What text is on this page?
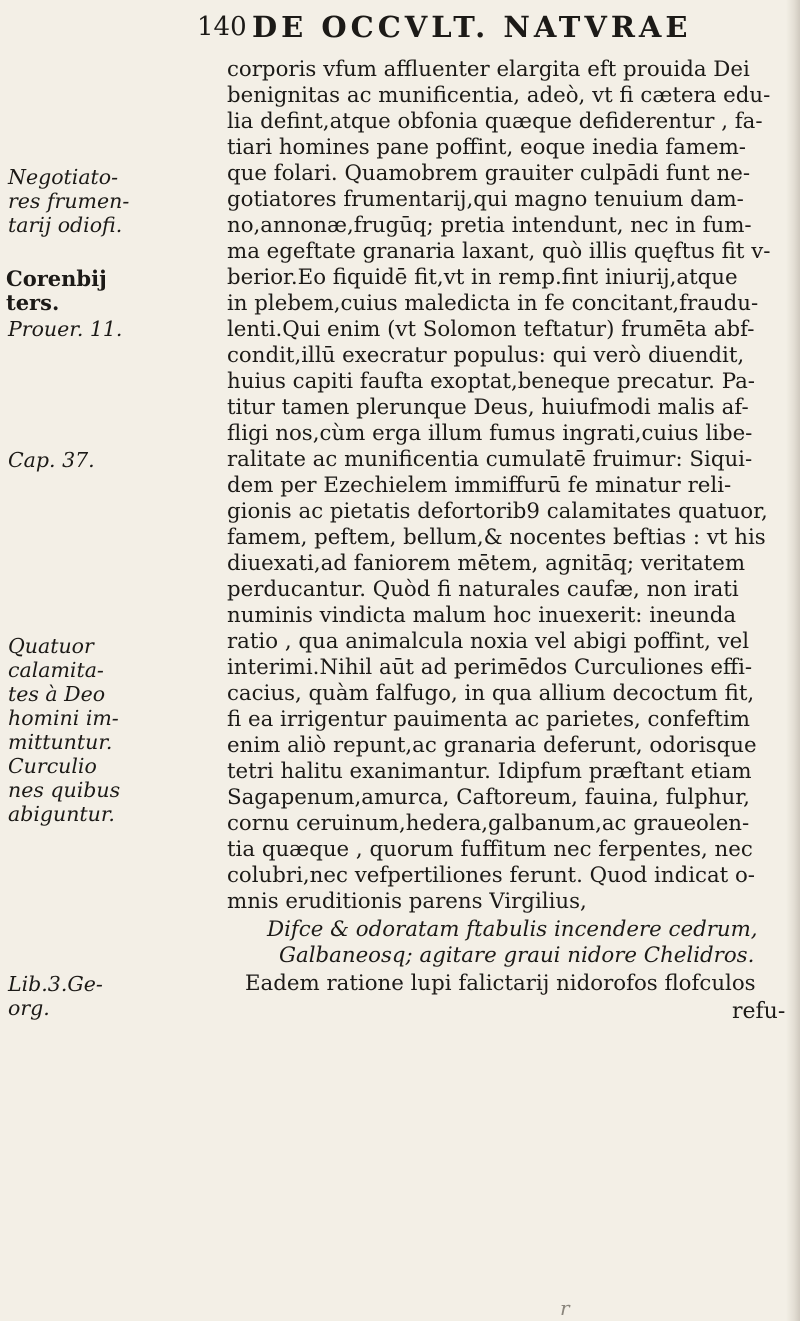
140 DE OCCVLT. NATVRAE
corporis vfum affluenter elargita eft prouida Dei
benignitas ac munificentia, adeò, vt fi cætera edu-
lia defint,atque obfonia quæque defiderentur , fa-
tiari homines pane poffint, eoque inedia famem-
que folari. Quamobrem grauiter culpādi funt ne-
gotiatores frumentarij,qui magno tenuium dam-
no,annonæ,frugūq; pretia intendunt, nec in fum-
ma egeftate granaria laxant, quò illis quęftus fit v-
berior.Eo fiquidē fit,vt in remp.fint iniurij,atque
in plebem,cuius maledicta in fe concitant,fraudu-
lenti.Qui enim (vt Solomon teftatur) frumēta abf-
condit,illū execratur populus: qui verò diuendit,
huius capiti faufta exoptat,beneque precatur. Pa-
titur tamen plerunque Deus, huiufmodi malis af-
fligi nos,cùm erga illum fumus ingrati,cuius libe-
ralitate ac munificentia cumulatē fruimur: Siqui-
dem per Ezechielem immiffurū fe minatur reli-
gionis ac pietatis defortorib9 calamitates quatuor,
famem, peftem, bellum,& nocentes beftias : vt his
diuexati,ad faniorem mētem, agnitāq; veritatem
perducantur. Quòd fi naturales caufæ, non irati
numinis vindicta malum hoc inuexerit: ineunda
ratio , qua animalcula noxia vel abigi poffint, vel
interimi.Nihil aūt ad perimēdos Curculiones effi-
cacius, quàm falfugo, in qua allium decoctum fit,
fi ea irrigentur pauimenta ac parietes, confeftim
enim aliò repunt,ac granaria deferunt, odorisque
tetri halitu exanimantur. Idipfum præftant etiam
Sagapenum,amurca, Caftoreum, fauina, fulphur,
cornu ceruinum,hedera,galbanum,ac graueolen-
tia quæque , quorum fuffitum nec ferpentes, nec
colubri,nec vefpertiliones ferunt. Quod indicat o-
mnis eruditionis parens Virgilius,
Difce & odoratam ftabulis incendere cedrum,
Galbaneosq; agitare graui nidore Chelidros.
Eadem ratione lupi falictarij nidorofos flofculos
refu-
Negotiato-
res frumen-
tarij odiofi.
Corenbij
ters.
Prouer. 11.
Cap. 37.
Quatuor
calamita-
tes à Deo
homini im-
mittuntur.
Curculio
nes quibus
abiguntur.
Lib.3.Ge-
org.
r
